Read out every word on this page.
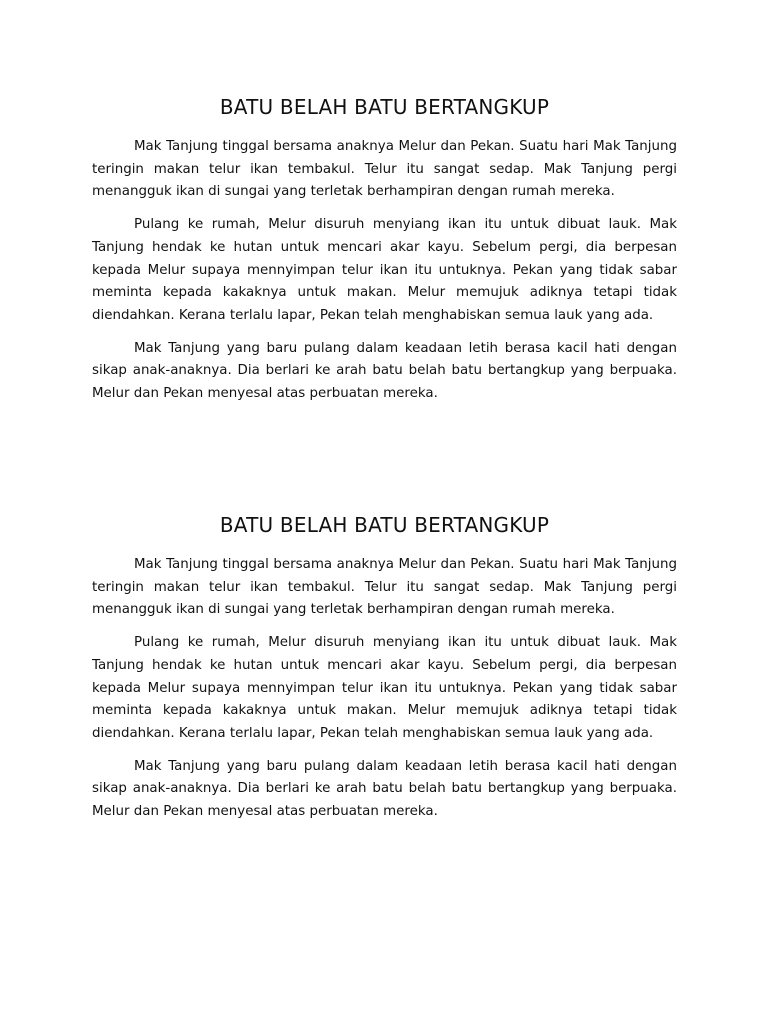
BATU BELAH BATU BERTANGKUP

Mak Tanjung tinggal bersama anaknya Melur dan Pekan. Suatu hari Mak Tanjung teringin makan telur ikan tembakul. Telur itu sangat sedap. Mak Tanjung pergi menangguk ikan di sungai yang terletak berhampiran dengan rumah mereka.

Pulang ke rumah, Melur disuruh menyiang ikan itu untuk dibuat lauk. Mak Tanjung hendak ke hutan untuk mencari akar kayu. Sebelum pergi, dia berpesan kepada Melur supaya mennyimpan telur ikan itu untuknya. Pekan yang tidak sabar meminta kepada kakaknya untuk makan. Melur memujuk adiknya tetapi tidak diendahkan. Kerana terlalu lapar, Pekan telah menghabiskan semua lauk yang ada.

Mak Tanjung yang baru pulang dalam keadaan letih berasa kacil hati dengan sikap anak-anaknya. Dia berlari ke arah batu belah batu bertangkup yang berpuaka. Melur dan Pekan menyesal atas perbuatan mereka.

BATU BELAH BATU BERTANGKUP

Mak Tanjung tinggal bersama anaknya Melur dan Pekan. Suatu hari Mak Tanjung teringin makan telur ikan tembakul. Telur itu sangat sedap. Mak Tanjung pergi menangguk ikan di sungai yang terletak berhampiran dengan rumah mereka.

Pulang ke rumah, Melur disuruh menyiang ikan itu untuk dibuat lauk. Mak Tanjung hendak ke hutan untuk mencari akar kayu. Sebelum pergi, dia berpesan kepada Melur supaya mennyimpan telur ikan itu untuknya. Pekan yang tidak sabar meminta kepada kakaknya untuk makan. Melur memujuk adiknya tetapi tidak diendahkan. Kerana terlalu lapar, Pekan telah menghabiskan semua lauk yang ada.

Mak Tanjung yang baru pulang dalam keadaan letih berasa kacil hati dengan sikap anak-anaknya. Dia berlari ke arah batu belah batu bertangkup yang berpuaka. Melur dan Pekan menyesal atas perbuatan mereka.
